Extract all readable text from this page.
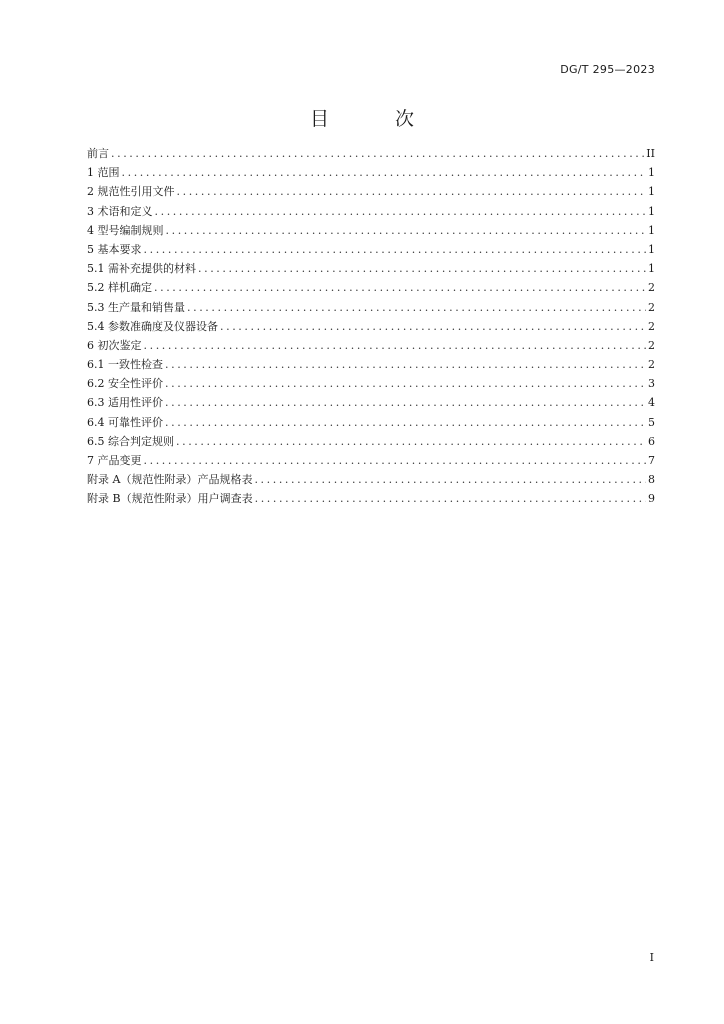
DG/T 295—2023
目 次
前言 .....	II
1 范围 .....	1
2 规范性引用文件 .....	1
3 术语和定义 .....	1
4 型号编制规则 .....	1
5 基本要求 .....	1
5.1 需补充提供的材料 .....	1
5.2 样机确定 .....	2
5.3 生产量和销售量 .....	2
5.4 参数准确度及仪器设备 .....	2
6 初次鉴定 .....	2
6.1 一致性检查 .....	2
6.2 安全性评价 .....	3
6.3 适用性评价 .....	4
6.4 可靠性评价 .....	5
6.5 综合判定规则 .....	6
7 产品变更 .....	7
附录 A（规范性附录）产品规格表 .....	8
附录 B（规范性附录）用户调查表 .....	9
I
